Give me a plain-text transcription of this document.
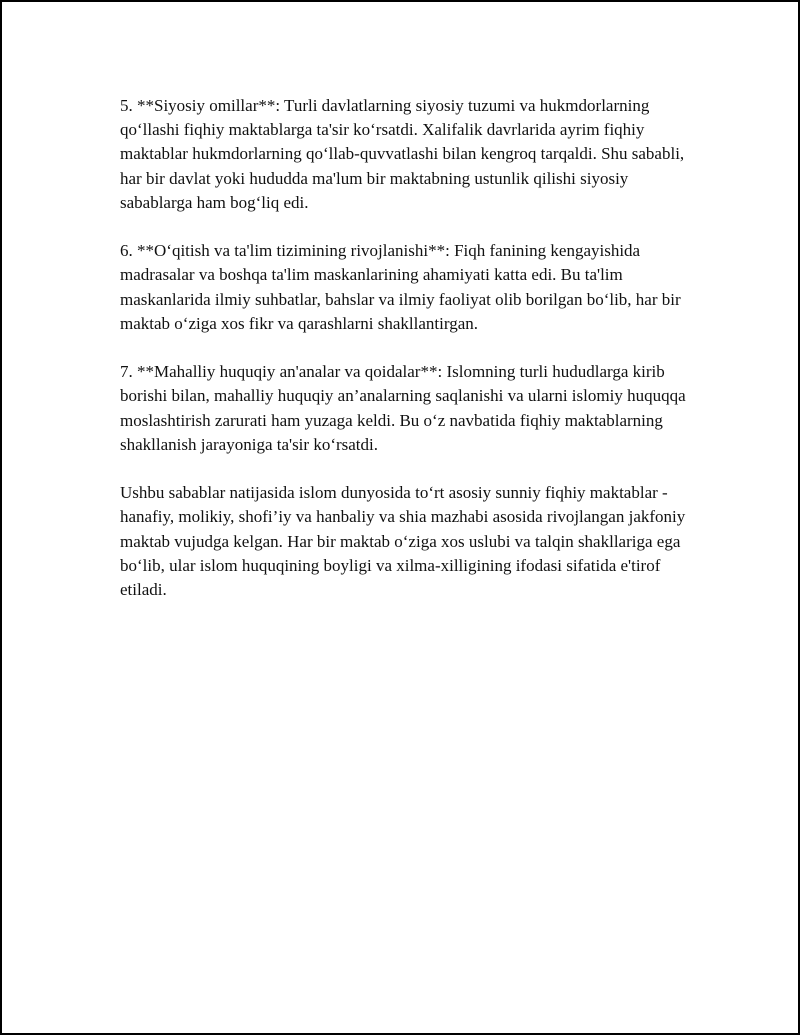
5. **Siyosiy omillar**: Turli davlatlarning siyosiy tuzumi va hukmdorlarning qo‘llashi fiqhiy maktablarga ta'sir ko‘rsatdi. Xalifalik davrlarida ayrim fiqhiy maktablar hukmdorlarning qo‘llab-quvvatlashi bilan kengroq tarqaldi. Shu sababli, har bir davlat yoki hududda ma'lum bir maktabning ustunlik qilishi siyosiy sabablarga ham bog‘liq edi.

6. **O‘qitish va ta'lim tizimining rivojlanishi**: Fiqh fanining kengayishida madrasalar va boshqa ta'lim maskanlarining ahamiyati katta edi. Bu ta'lim maskanlarida ilmiy suhbatlar, bahslar va ilmiy faoliyat olib borilgan bo‘lib, har bir maktab o‘ziga xos fikr va qarashlarni shakllantirgan.

7. **Mahalliy huquqiy an'analar va qoidalar**: Islomning turli hududlarga kirib borishi bilan, mahalliy huquqiy an’analarning saqlanishi va ularni islomiy huquqqa moslashtirish zarurati ham yuzaga keldi. Bu o‘z navbatida fiqhiy maktablarning shakllanish jarayoniga ta'sir ko‘rsatdi.

Ushbu sabablar natijasida islom dunyosida to‘rt asosiy sunniy fiqhiy maktablar - hanafiy, molikiy, shofi’iy va hanbaliy va shia mazhabi asosida rivojlangan jakfoniy maktab vujudga kelgan. Har bir maktab o‘ziga xos uslubi va talqin shakllariga ega bo‘lib, ular islom huquqining boyligi va xilma-xilligining ifodasi sifatida e'tirof etiladi.
